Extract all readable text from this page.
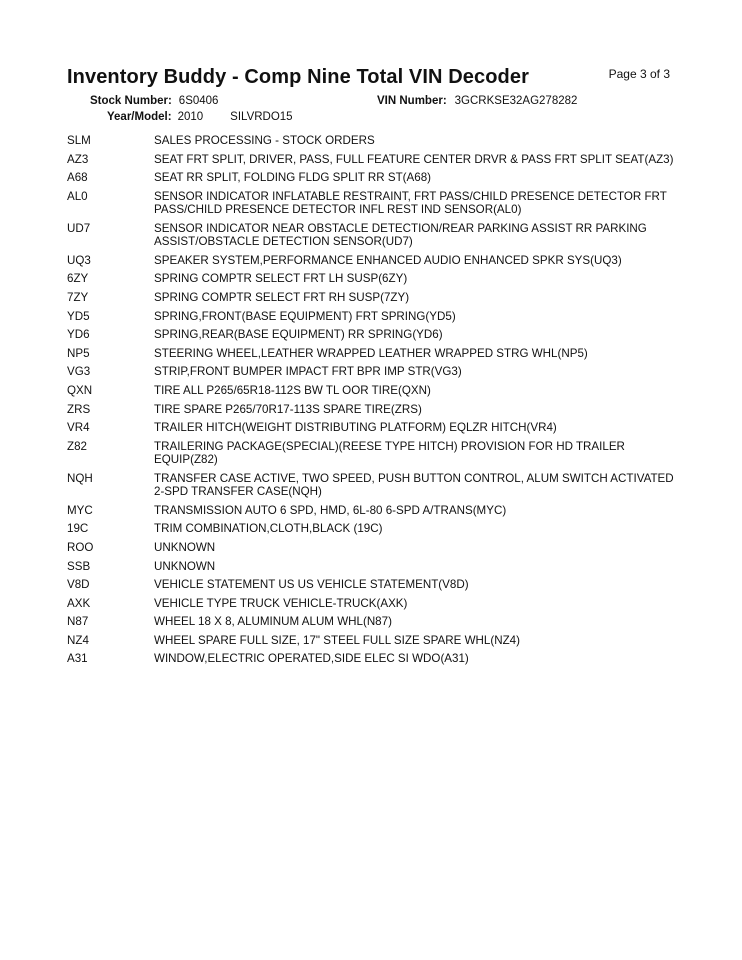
Inventory Buddy - Comp Nine Total VIN Decoder	Page 3 of 3
Stock Number: 6S0406	VIN Number: 3GCRKSE32AG278282
Year/Model: 2010 SILVRDO15
SLM	SALES PROCESSING - STOCK ORDERS
AZ3	SEAT FRT SPLIT, DRIVER, PASS, FULL FEATURE CENTER DRVR & PASS FRT SPLIT SEAT(AZ3)
A68	SEAT RR SPLIT, FOLDING FLDG SPLIT RR ST(A68)
AL0	SENSOR INDICATOR INFLATABLE RESTRAINT, FRT PASS/CHILD PRESENCE DETECTOR FRT PASS/CHILD PRESENCE DETECTOR INFL REST IND SENSOR(AL0)
UD7	SENSOR INDICATOR NEAR OBSTACLE DETECTION/REAR PARKING ASSIST RR PARKING ASSIST/OBSTACLE DETECTION SENSOR(UD7)
UQ3	SPEAKER SYSTEM,PERFORMANCE ENHANCED AUDIO ENHANCED SPKR SYS(UQ3)
6ZY	SPRING COMPTR SELECT FRT LH SUSP(6ZY)
7ZY	SPRING COMPTR SELECT FRT RH SUSP(7ZY)
YD5	SPRING,FRONT(BASE EQUIPMENT) FRT SPRING(YD5)
YD6	SPRING,REAR(BASE EQUIPMENT) RR SPRING(YD6)
NP5	STEERING WHEEL,LEATHER WRAPPED LEATHER WRAPPED STRG WHL(NP5)
VG3	STRIP,FRONT BUMPER IMPACT FRT BPR IMP STR(VG3)
QXN	TIRE ALL P265/65R18-112S BW TL OOR TIRE(QXN)
ZRS	TIRE SPARE P265/70R17-113S SPARE TIRE(ZRS)
VR4	TRAILER HITCH(WEIGHT DISTRIBUTING PLATFORM) EQLZR HITCH(VR4)
Z82	TRAILERING PACKAGE(SPECIAL)(REESE TYPE HITCH) PROVISION FOR HD TRAILER EQUIP(Z82)
NQH	TRANSFER CASE ACTIVE, TWO SPEED, PUSH BUTTON CONTROL, ALUM SWITCH ACTIVATED 2-SPD TRANSFER CASE(NQH)
MYC	TRANSMISSION AUTO 6 SPD, HMD, 6L-80 6-SPD A/TRANS(MYC)
19C	TRIM COMBINATION,CLOTH,BLACK (19C)
ROO	UNKNOWN
SSB	UNKNOWN
V8D	VEHICLE STATEMENT US US VEHICLE STATEMENT(V8D)
AXK	VEHICLE TYPE TRUCK VEHICLE-TRUCK(AXK)
N87	WHEEL 18 X 8, ALUMINUM ALUM WHL(N87)
NZ4	WHEEL SPARE FULL SIZE, 17" STEEL FULL SIZE SPARE WHL(NZ4)
A31	WINDOW,ELECTRIC OPERATED,SIDE ELEC SI WDO(A31)
